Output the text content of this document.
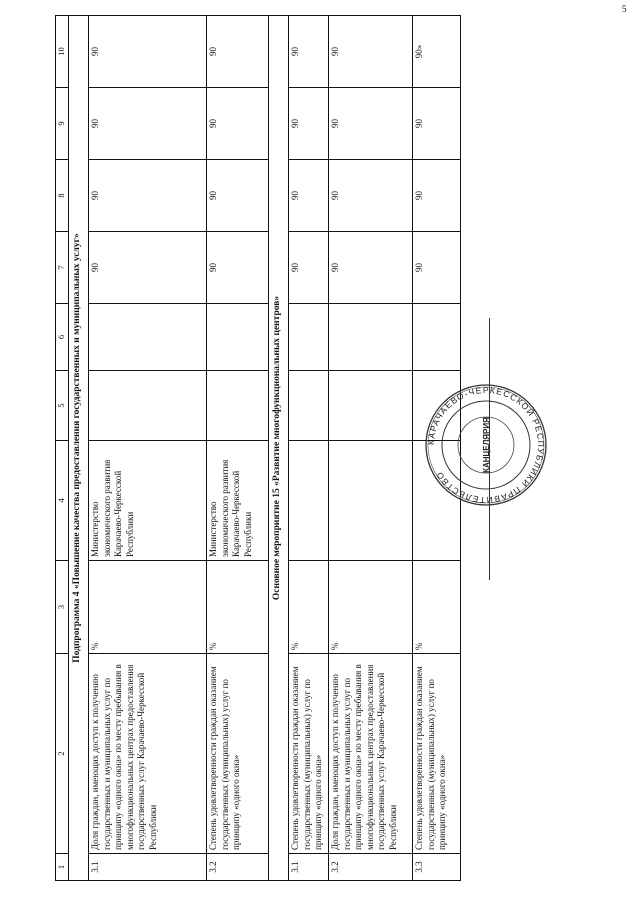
5
1	2	3	4	5	6	7	8	9	10
Подпрограмма 4 «Повышение качества предоставления государственных и муниципальных услуг»									
3.1	Доля граждан, имеющих доступ к получению государственных и муниципальных услуг по принципу «одного окна» по месту пребывания в многофункциональных центрах предоставления государственных услуг Карачаево-Черкесской Республики	%	Министерство экономического развития Карачаево-Черкесской Республики			90	90	90	90
3.2	Степень удовлетворенности граждан оказанием государственных (муниципальных) услуг по принципу «одного окна»	%	Министерство экономического развития Карачаево-Черкесской Республики			90	90	90	90
Основное мероприятие 15 «Развитие многофункциональных центров»									
3.1	Степень удовлетворенности граждан оказанием государственных (муниципальных) услуг по принципу «одного окна»	%				90	90	90	90
3.2	Доля граждан, имеющих доступ к получению государственных и муниципальных услуг по принципу «одного окна» по месту пребывания в многофункциональных центрах предоставления государственных услуг Карачаево-Черкесской Республики	%				90	90	90	90
3.3	Степень удовлетворенности граждан оказанием государственных (муниципальных) услуг по принципу «одного окна»	%				90	90	90	90»
КАРАЧАЕВО-ЧЕРКЕССКОЙ РЕСПУБЛИКИ ПРАВИТЕЛЬСТВО
КАНЦЕЛЯРИЯ
